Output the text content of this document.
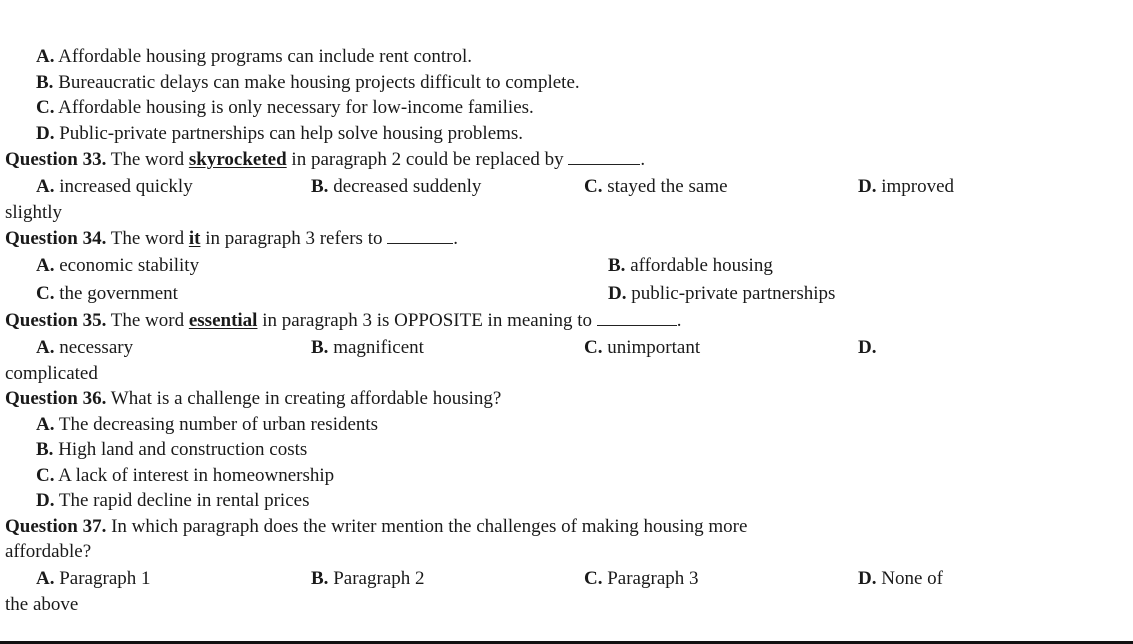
A. Affordable housing programs can include rent control.
B. Bureaucratic delays can make housing projects difficult to complete.
C. Affordable housing is only necessary for low-income families.
D. Public-private partnerships can help solve housing problems.
Question 33. The word skyrocketed in paragraph 2 could be replaced by	.
A. increased quickly	B. decreased suddenly	C. stayed the same	D. improved
slightly
Question 34. The word it in paragraph 3 refers to	.
A. economic stability	B. affordable housing
C. the government	D. public-private partnerships
Question 35. The word essential in paragraph 3 is OPPOSITE in meaning to	.
A. necessary	B. magnificent	C. unimportant	D.
complicated
Question 36. What is a challenge in creating affordable housing?
A. The decreasing number of urban residents
B. High land and construction costs
C. A lack of interest in homeownership
D. The rapid decline in rental prices
Question 37. In which paragraph does the writer mention the challenges of making housing more
affordable?
A. Paragraph 1	B. Paragraph 2	C. Paragraph 3	D. None of
the above
